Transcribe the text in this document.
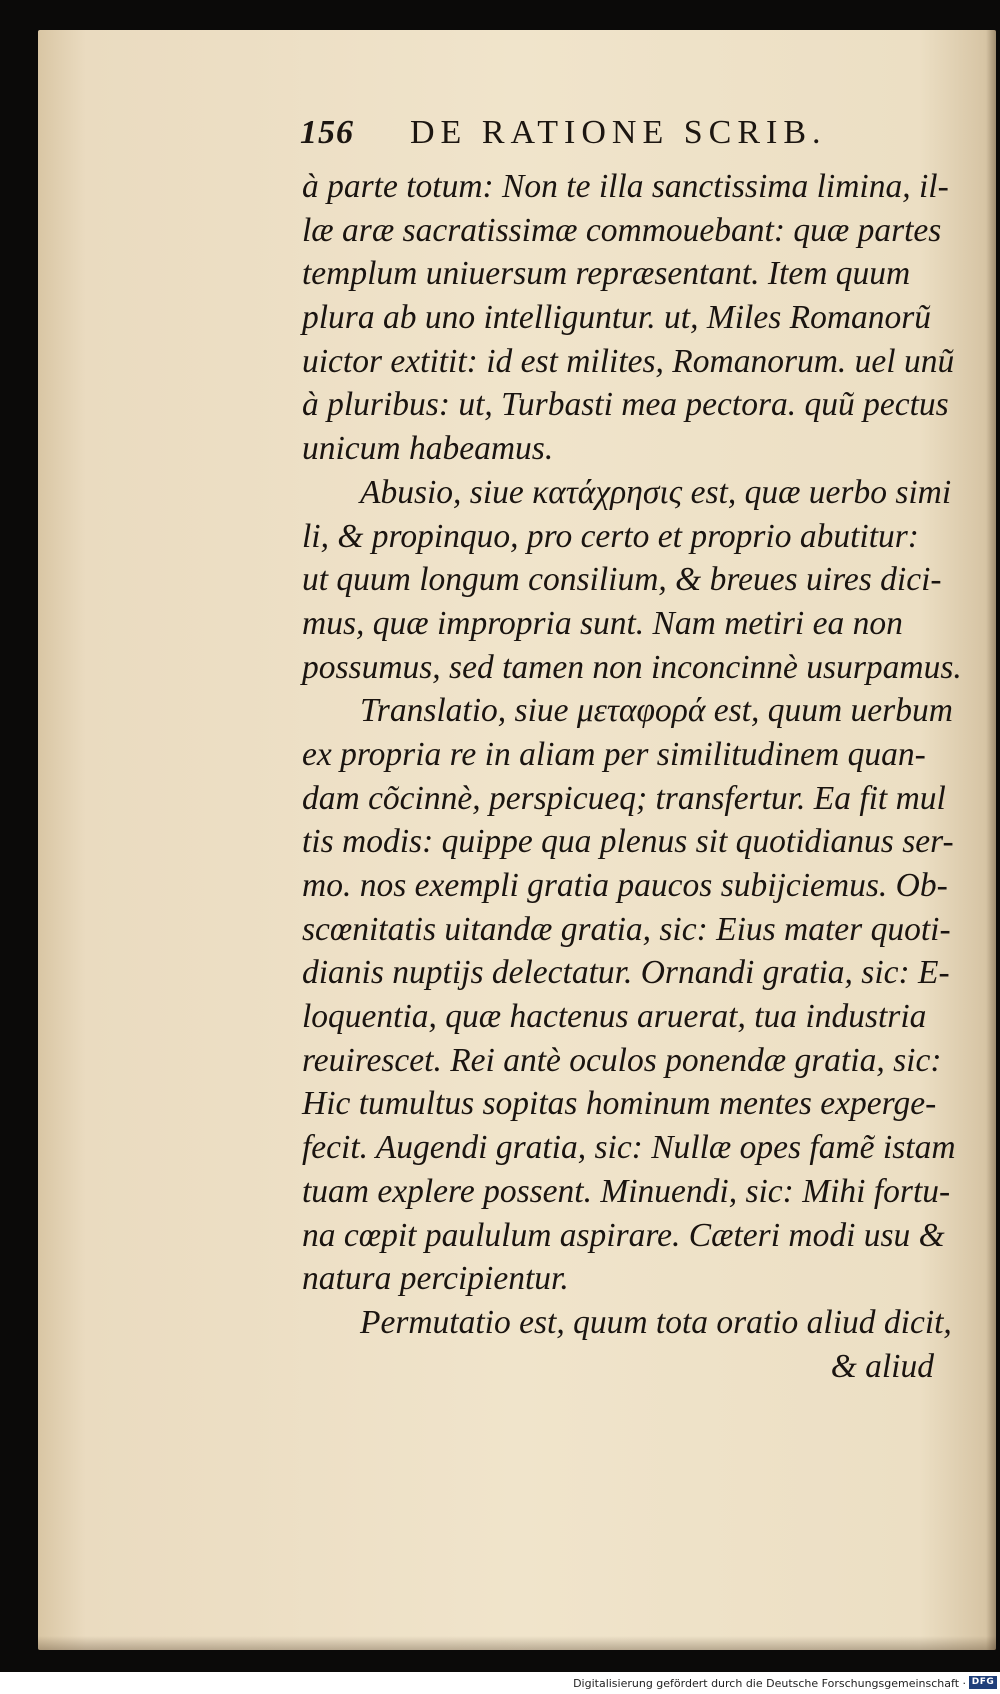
156 DE RATIONE SCRIB.
à parte totum: Non te illa sanctissima limina, il-
læ aræ sacratissimæ commouebant: quæ partes
templum uniuersum repræsentant. Item quum
plura ab uno intelliguntur. ut, Miles Romanorũ
uictor extitit: id est milites, Romanorum. uel unũ
à pluribus: ut, Turbasti mea pectora. quũ pectus
unicum habeamus.
Abusio, siue κατάχρησις est, quæ uerbo simi
li, & propinquo, pro certo et proprio abutitur:
ut quum longum consilium, & breues uires dici-
mus, quæ impropria sunt. Nam metiri ea non
possumus, sed tamen non inconcinnè usurpamus.
Translatio, siue μεταφορά est, quum uerbum
ex propria re in aliam per similitudinem quan-
dam cõcinnè, perspicueq; transfertur. Ea fit mul
tis modis: quippe qua plenus sit quotidianus ser-
mo. nos exempli gratia paucos subijciemus. Ob-
scœnitatis uitandæ gratia, sic: Eius mater quoti-
dianis nuptijs delectatur. Ornandi gratia, sic: E-
loquentia, quæ hactenus aruerat, tua industria
reuirescet. Rei antè oculos ponendæ gratia, sic:
Hic tumultus sopitas hominum mentes experge-
fecit. Augendi gratia, sic: Nullæ opes famẽ istam
tuam explere possent. Minuendi, sic: Mihi fortu-
na cœpit paululum aspirare. Cæteri modi usu &
natura percipientur.
Permutatio est, quum tota oratio aliud dicit,
& aliud
Digitalisierung gefördert durch die Deutsche Forschungsgemeinschaft · DFG
